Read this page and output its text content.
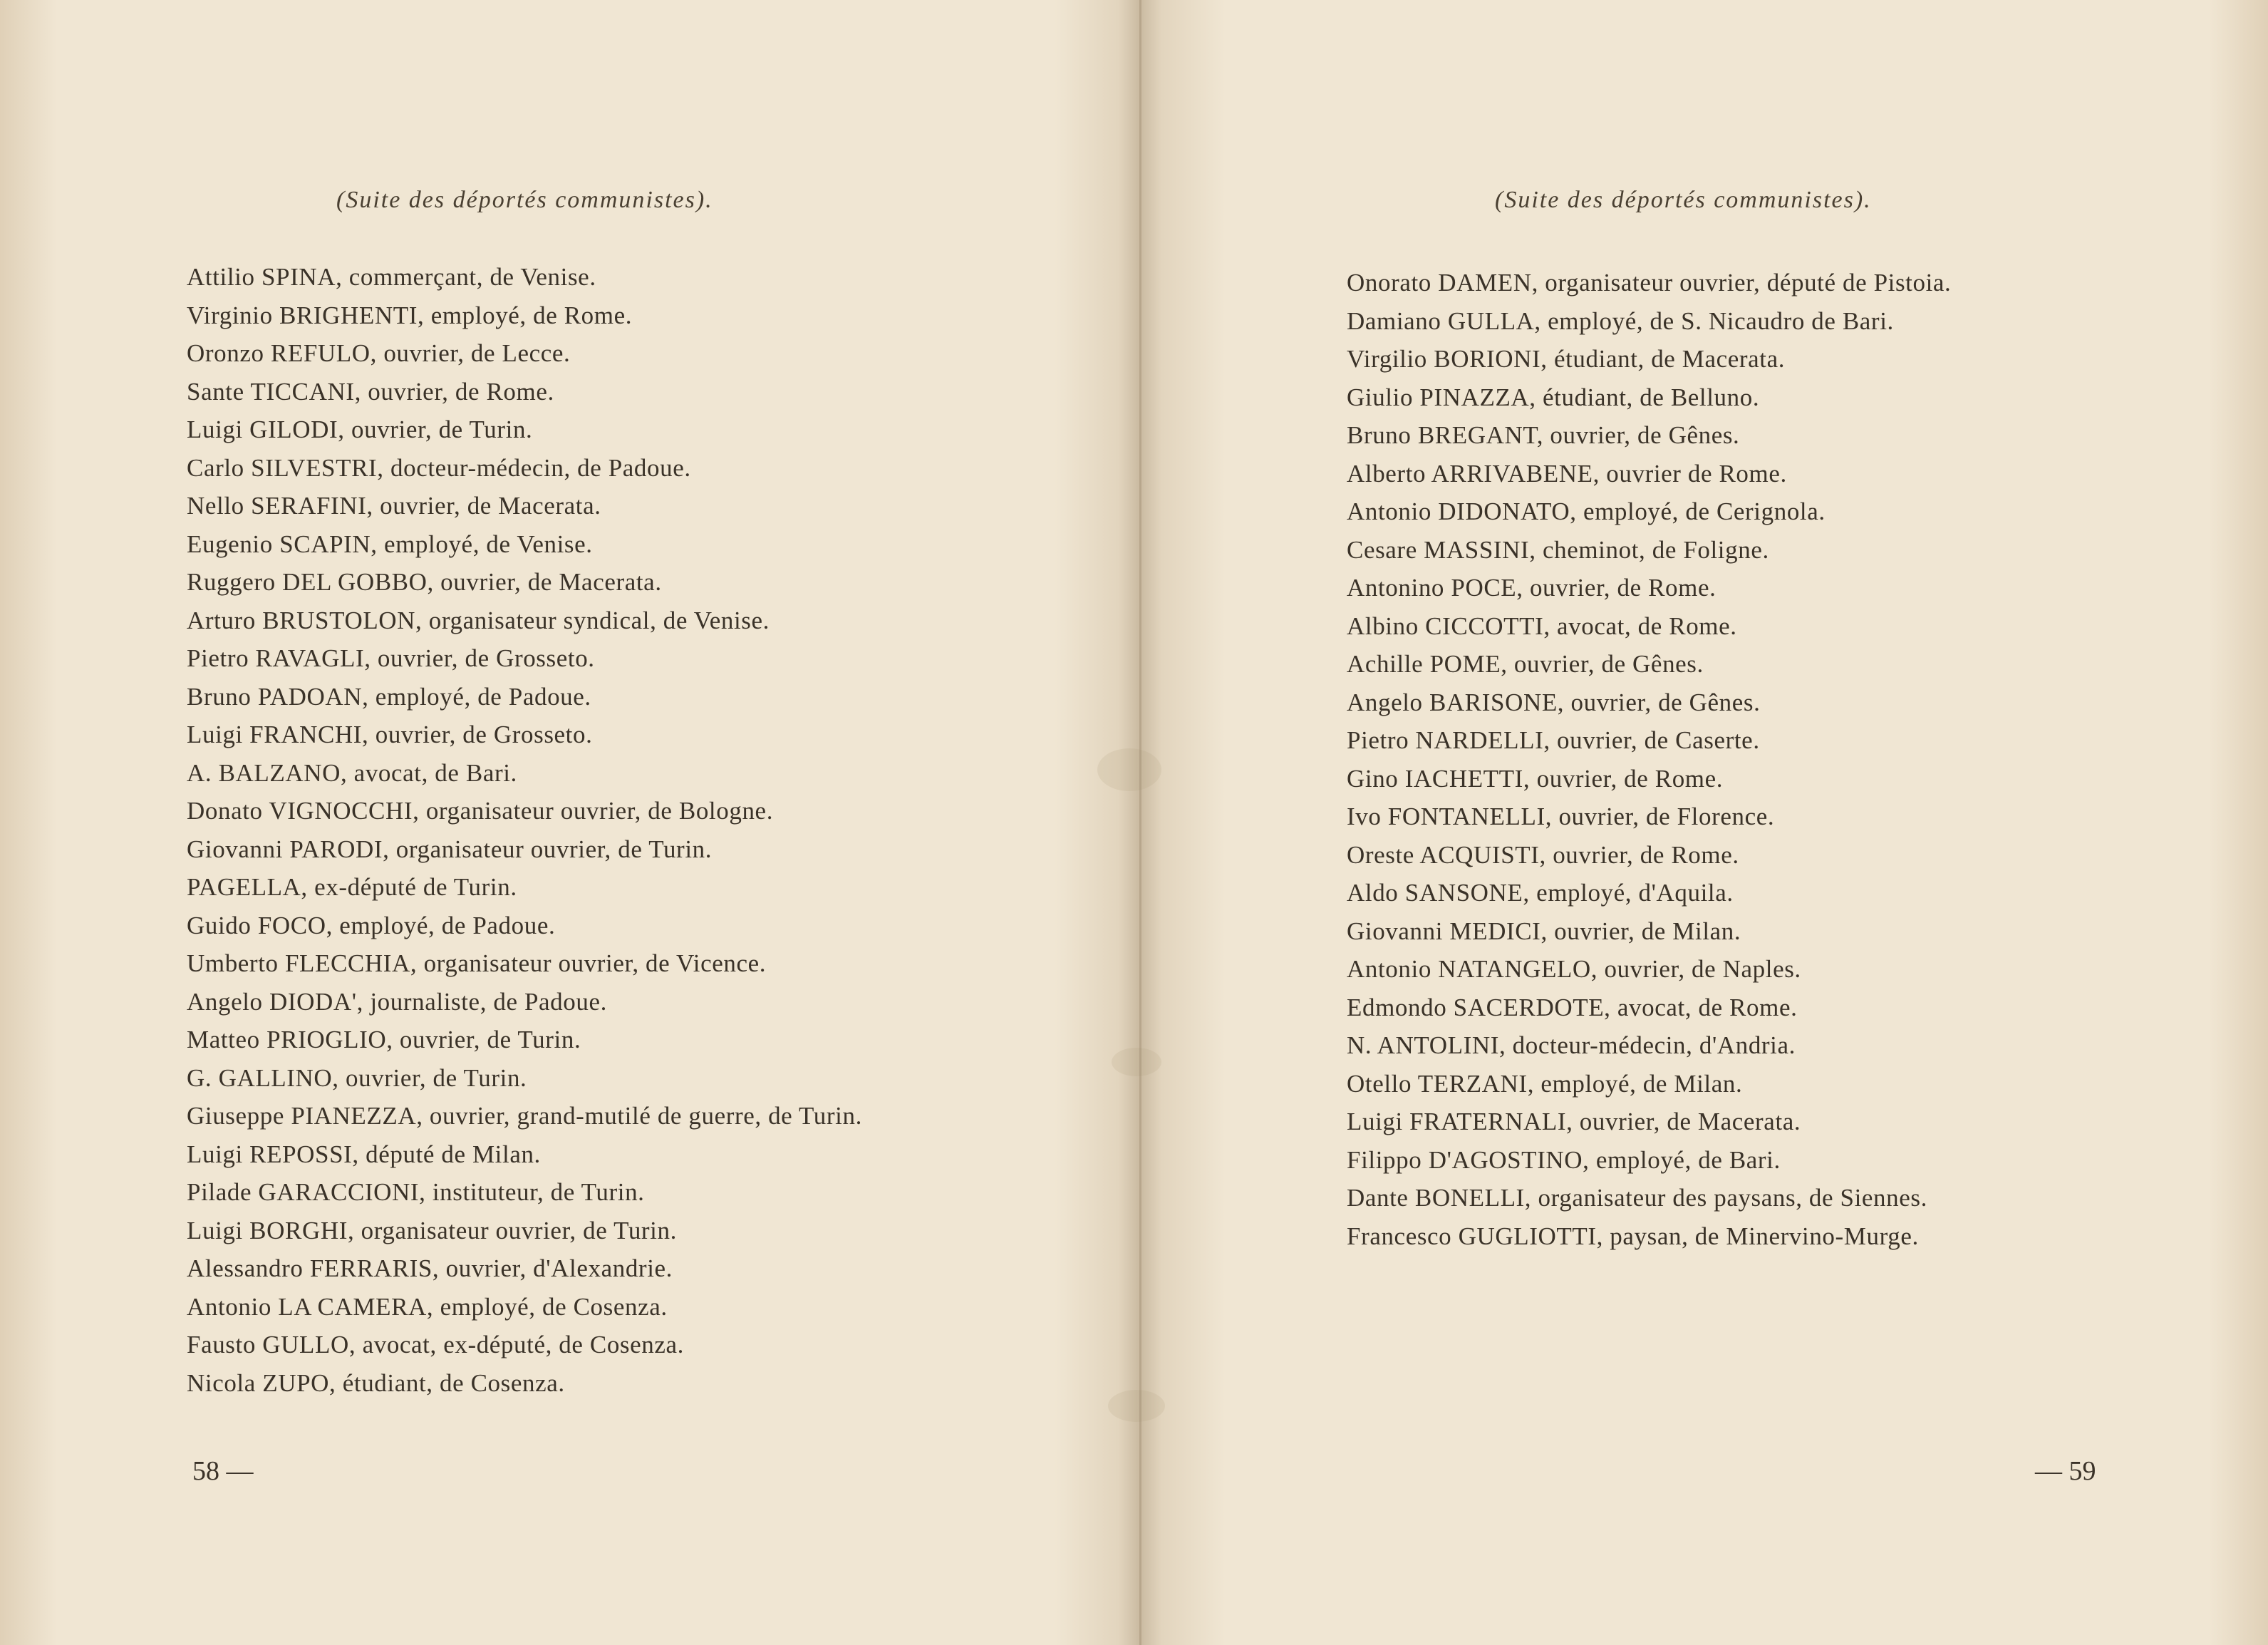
(Suite des déportés communistes).
Attilio SPINA, commerçant, de Venise.
Virginio BRIGHENTI, employé, de Rome.
Oronzo REFULO, ouvrier, de Lecce.
Sante TICCANI, ouvrier, de Rome.
Luigi GILODI, ouvrier, de Turin.
Carlo SILVESTRI, docteur-médecin, de Padoue.
Nello SERAFINI, ouvrier, de Macerata.
Eugenio SCAPIN, employé, de Venise.
Ruggero DEL GOBBO, ouvrier, de Macerata.
Arturo BRUSTOLON, organisateur syndical, de Venise.
Pietro RAVAGLI, ouvrier, de Grosseto.
Bruno PADOAN, employé, de Padoue.
Luigi FRANCHI, ouvrier, de Grosseto.
A. BALZANO, avocat, de Bari.
Donato VIGNOCCHI, organisateur ouvrier, de Bologne.
Giovanni PARODI, organisateur ouvrier, de Turin.
PAGELLA, ex-député de Turin.
Guido FOCO, employé, de Padoue.
Umberto FLECCHIA, organisateur ouvrier, de Vicence.
Angelo DIODA', journaliste, de Padoue.
Matteo PRIOGLIO, ouvrier, de Turin.
G. GALLINO, ouvrier, de Turin.
Giuseppe PIANEZZA, ouvrier, grand-mutilé de guerre, de Turin.
Luigi REPOSSI, député de Milan.
Pilade GARACCIONI, instituteur, de Turin.
Luigi BORGHI, organisateur ouvrier, de Turin.
Alessandro FERRARIS, ouvrier, d'Alexandrie.
Antonio LA CAMERA, employé, de Cosenza.
Fausto GULLO, avocat, ex-député, de Cosenza.
Nicola ZUPO, étudiant, de Cosenza.
58 —
(Suite des déportés communistes).
Onorato DAMEN, organisateur ouvrier, député de Pistoia.
Damiano GULLA, employé, de S. Nicaudro de Bari.
Virgilio BORIONI, étudiant, de Macerata.
Giulio PINAZZA, étudiant, de Belluno.
Bruno BREGANT, ouvrier, de Gênes.
Alberto ARRIVABENE, ouvrier de Rome.
Antonio DIDONATO, employé, de Cerignola.
Cesare MASSINI, cheminot, de Foligne.
Antonino POCE, ouvrier, de Rome.
Albino CICCOTTI, avocat, de Rome.
Achille POME, ouvrier, de Gênes.
Angelo BARISONE, ouvrier, de Gênes.
Pietro NARDELLI, ouvrier, de Caserte.
Gino IACHETTI, ouvrier, de Rome.
Ivo FONTANELLI, ouvrier, de Florence.
Oreste ACQUISTI, ouvrier, de Rome.
Aldo SANSONE, employé, d'Aquila.
Giovanni MEDICI, ouvrier, de Milan.
Antonio NATANGELO, ouvrier, de Naples.
Edmondo SACERDOTE, avocat, de Rome.
N. ANTOLINI, docteur-médecin, d'Andria.
Otello TERZANI, employé, de Milan.
Luigi FRATERNALI, ouvrier, de Macerata.
Filippo D'AGOSTINO, employé, de Bari.
Dante BONELLI, organisateur des paysans, de Siennes.
Francesco GUGLIOTTI, paysan, de Minervino-Murge.
— 59
